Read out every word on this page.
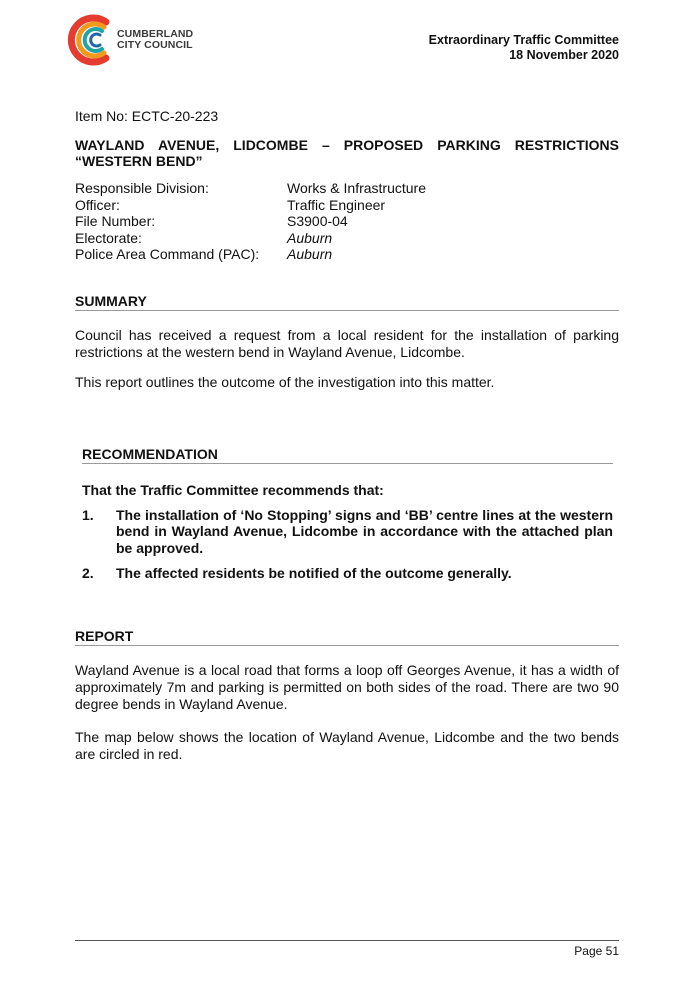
CUMBERLAND
CITY COUNCIL	Extraordinary Traffic Committee
18 November 2020
Item No: ECTC-20-223
WAYLAND AVENUE, LIDCOMBE – PROPOSED PARKING RESTRICTIONS
“WESTERN BEND”
Responsible Division:	Works & Infrastructure
Officer:	Traffic Engineer
File Number:	S3900-04
Electorate:	Auburn
Police Area Command (PAC):	Auburn
SUMMARY
Council has received a request from a local resident for the installation of parking restrictions at the western bend in Wayland Avenue, Lidcombe.
This report outlines the outcome of the investigation into this matter.
RECOMMENDATION
That the Traffic Committee recommends that:
1.	The installation of ‘No Stopping’ signs and ‘BB’ centre lines at the western bend in Wayland Avenue, Lidcombe in accordance with the attached plan be approved.
2.	The affected residents be notified of the outcome generally.
REPORT
Wayland Avenue is a local road that forms a loop off Georges Avenue, it has a width of approximately 7m and parking is permitted on both sides of the road. There are two 90 degree bends in Wayland Avenue.
The map below shows the location of Wayland Avenue, Lidcombe and the two bends are circled in red.
Page 51
